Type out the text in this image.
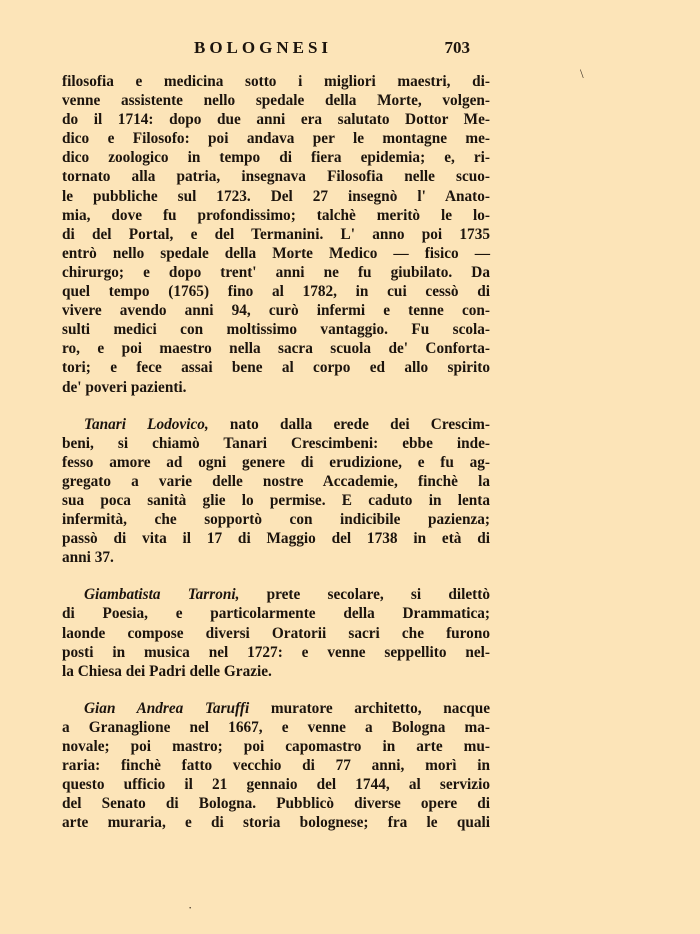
BOLOGNESI	703
filosofia e medicina sotto i migliori maestri, di-
venne assistente nello spedale della Morte, volgen-
do il 1714: dopo due anni era salutato Dottor Me-
dico e Filosofo: poi andava per le montagne me-
dico zoologico in tempo di fiera epidemia; e, ri-
tornato alla patria, insegnava Filosofia nelle scuo-
le pubbliche sul 1723. Del 27 insegnò l' Anato-
mia, dove fu profondissimo; talchè meritò le lo-
di del Portal, e del Termanini. L' anno poi 1735
entrò nello spedale della Morte Medico — fisico —
chirurgo; e dopo trent' anni ne fu giubilato. Da
quel tempo (1765) fino al 1782, in cui cessò di
vivere avendo anni 94, curò infermi e tenne con-
sulti medici con moltissimo vantaggio. Fu scola-
ro, e poi maestro nella sacra scuola de' Conforta-
tori; e fece assai bene al corpo ed allo spirito
de' poveri pazienti.
Tanari Lodovico, nato dalla erede dei Crescim-
beni, si chiamò Tanari Crescimbeni: ebbe inde-
fesso amore ad ogni genere di erudizione, e fu ag-
gregato a varie delle nostre Accademie, finchè la
sua poca sanità glie lo permise. E caduto in lenta
infermità, che sopportò con indicibile pazienza;
passò di vita il 17 di Maggio del 1738 in età di
anni 37.
Giambatista Tarroni, prete secolare, si dilettò
di Poesia, e particolarmente della Drammatica;
laonde compose diversi Oratorii sacri che furono
posti in musica nel 1727: e venne seppellito nel-
la Chiesa dei Padri delle Grazie.
Gian Andrea Taruffi muratore architetto, nacque
a Granaglione nel 1667, e venne a Bologna ma-
novale; poi mastro; poi capomastro in arte mu-
raria: finchè fatto vecchio di 77 anni, morì in
questo ufficio il 21 gennaio del 1744, al servizio
del Senato di Bologna. Pubblicò diverse opere di
arte muraria, e di storia bolognese; fra le quali
\
·
